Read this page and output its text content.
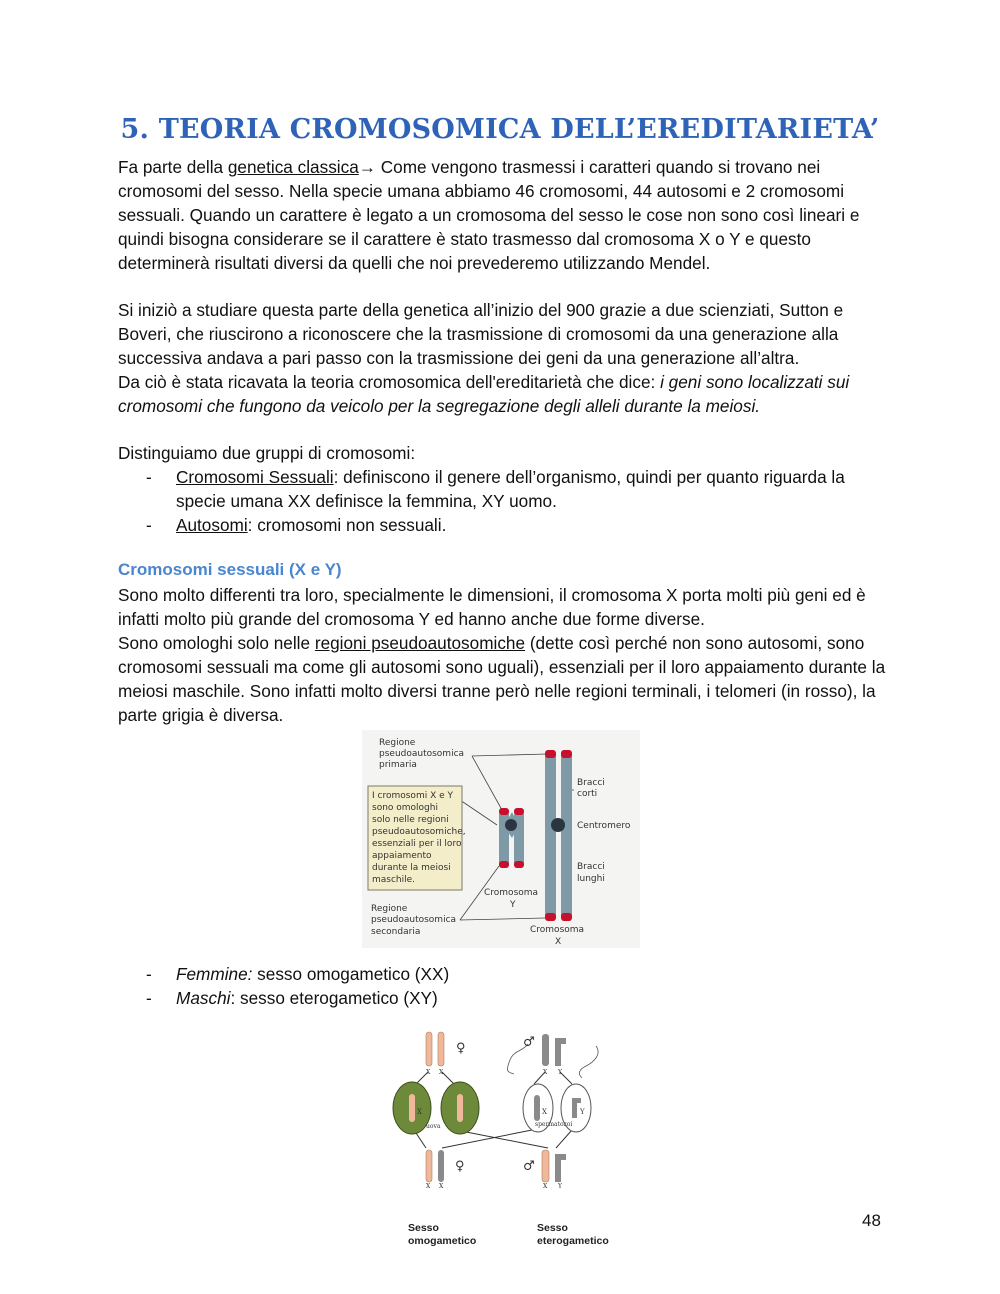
5. TEORIA CROMOSOMICA DELL’EREDITARIETA’

Fa parte della genetica classica→ Come vengono trasmessi i caratteri quando si trovano nei cromosomi del sesso. Nella specie umana abbiamo 46 cromosomi, 44 autosomi e 2 cromosomi sessuali. Quando un carattere è legato a un cromosoma del sesso le cose non sono così lineari e quindi bisogna considerare se il carattere è stato trasmesso dal cromosoma X o Y e questo determinerà risultati diversi da quelli che noi prevederemo utilizzando Mendel.

Si iniziò a studiare questa parte della genetica all’inizio del 900 grazie a due scienziati, Sutton e Boveri, che riuscirono a riconoscere che la trasmissione di cromosomi da una generazione alla successiva andava a pari passo con la trasmissione dei geni da una generazione all’altra.

Da ciò è stata ricavata la teoria cromosomica dell'ereditarietà che dice: i geni sono localizzati sui cromosomi che fungono da veicolo per la segregazione degli alleli durante la meiosi.

Distinguiamo due gruppi di cromosomi:

- Cromosomi Sessuali: definiscono il genere dell’organismo, quindi per quanto riguarda la specie umana XX definisce la femmina, XY uomo.
- Autosomi: cromosomi non sessuali.
Cromosomi sessuali (X e Y)

Sono molto differenti tra loro, specialmente le dimensioni, il cromosoma X porta molti più geni ed è infatti molto più grande del cromosoma Y ed hanno anche due forme diverse.

Sono omologhi solo nelle regioni pseudoautosomiche (dette così perché non sono autosomi, sono cromosomi sessuali ma come gli autosomi sono uguali), essenziali per il loro appaiamento durante la meiosi maschile. Sono infatti molto diversi tranne però nelle regioni terminali, i telomeri (in rosso), la parte grigia è diversa.

Regione
pseudoautosomica
primaria
I cromosomi X e Y
sono omologhi
solo nelle regioni
pseudoautosomiche,
essenziali per il loro
appaiamento
durante la meiosi
maschile.
Regione
pseudoautosomica
secondaria
Cromosoma
Y
Cromosoma
X
Bracci
corti
Centromero
Bracci
lunghi
- Femmine: sesso omogametico (XX)
- Maschi: sesso eterogametico (XY)
♀	♂
X X	X Y
X	X	Y
uova	spermatozoi
♀	♂
X X	X Y
Sesso
omogametico
Sesso
eterogametico
48
